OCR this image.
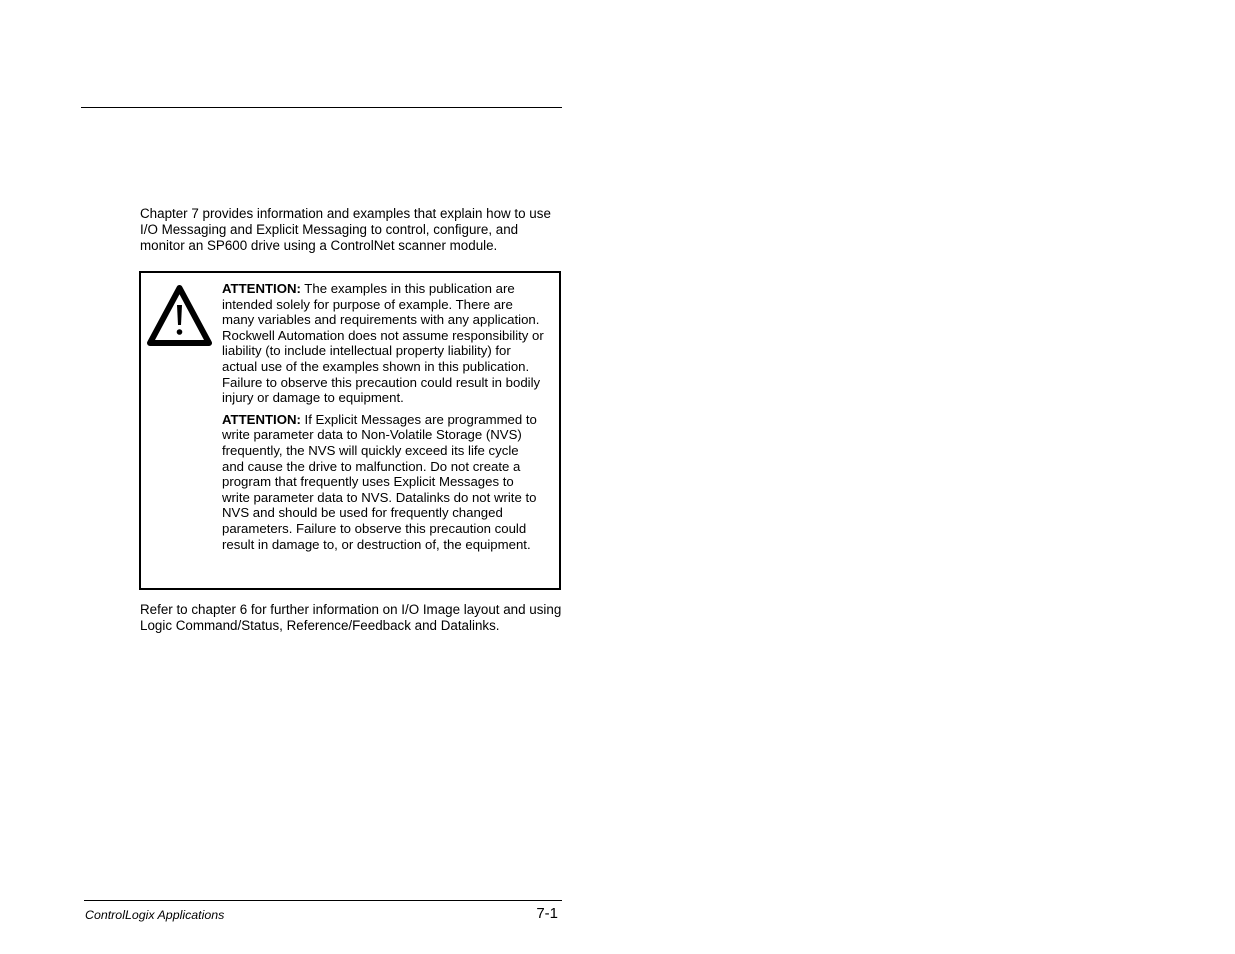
Chapter 7 provides information and examples that explain how to use I/O Messaging and Explicit Messaging to control, configure, and monitor an SP600 drive using a ControlNet scanner module.

ATTENTION: The examples in this publication are intended solely for purpose of example. There are many variables and requirements with any application. Rockwell Automation does not assume responsibility or liability (to include intellectual property liability) for actual use of the examples shown in this publication. Failure to observe this precaution could result in bodily injury or damage to equipment.

ATTENTION: If Explicit Messages are programmed to write parameter data to Non-Volatile Storage (NVS) frequently, the NVS will quickly exceed its life cycle and cause the drive to malfunction. Do not create a program that frequently uses Explicit Messages to write parameter data to NVS. Datalinks do not write to NVS and should be used for frequently changed parameters. Failure to observe this precaution could result in damage to, or destruction of, the equipment.

Refer to chapter 6 for further information on I/O Image layout and using Logic Command/Status, Reference/Feedback and Datalinks.

ControlLogix Applications	7-1
